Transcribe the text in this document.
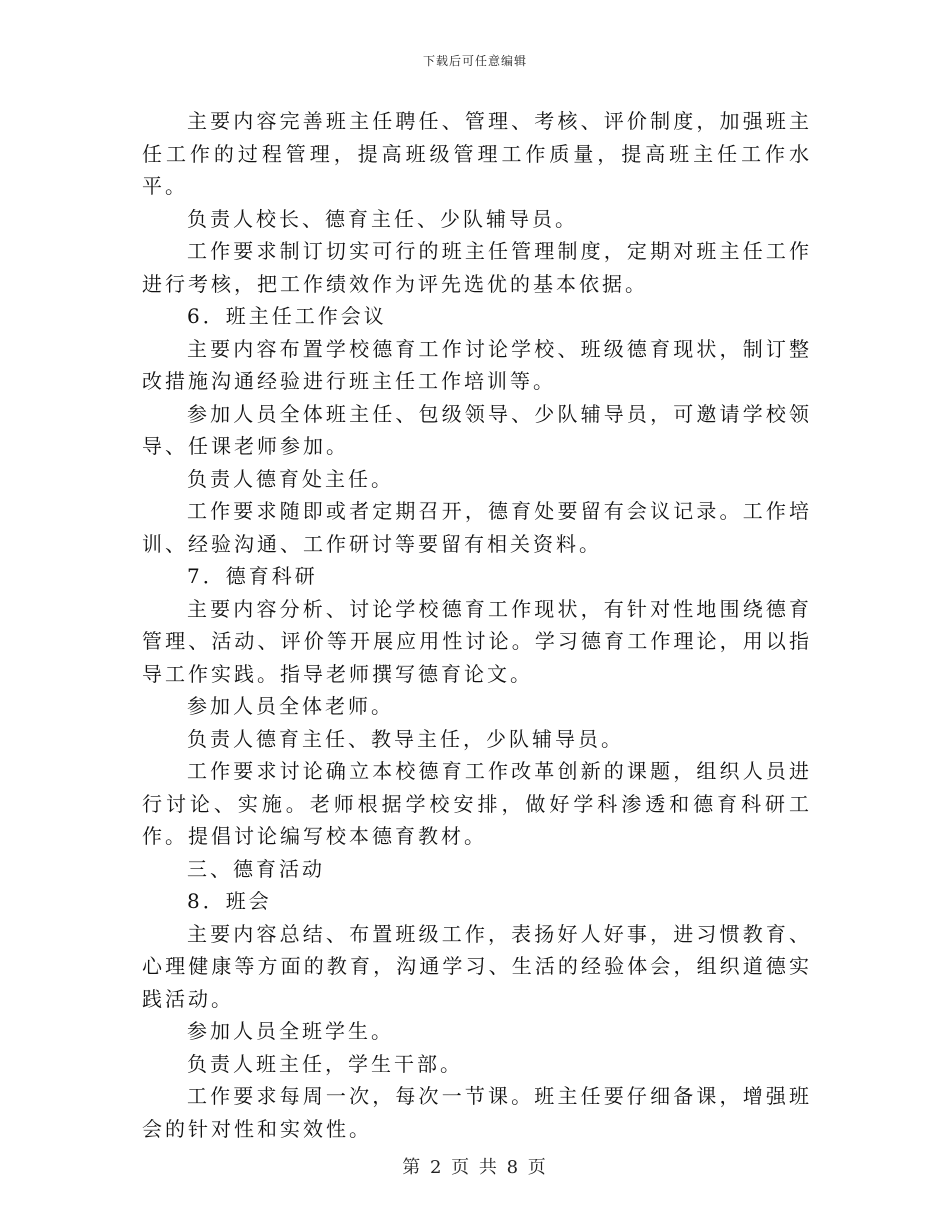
下载后可任意编辑

主要内容完善班主任聘任、管理、考核、评价制度，加强班主任工作的过程管理，提高班级管理工作质量，提高班主任工作水平。

负责人校长、德育主任、少队辅导员。

工作要求制订切实可行的班主任管理制度，定期对班主任工作进行考核，把工作绩效作为评先选优的基本依据。

6．班主任工作会议

主要内容布置学校德育工作讨论学校、班级德育现状，制订整改措施沟通经验进行班主任工作培训等。

参加人员全体班主任、包级领导、少队辅导员，可邀请学校领导、任课老师参加。

负责人德育处主任。

工作要求随即或者定期召开，德育处要留有会议记录。工作培训、经验沟通、工作研讨等要留有相关资料。

7．德育科研

主要内容分析、讨论学校德育工作现状，有针对性地围绕德育管理、活动、评价等开展应用性讨论。学习德育工作理论，用以指导工作实践。指导老师撰写德育论文。

参加人员全体老师。

负责人德育主任、教导主任，少队辅导员。

工作要求讨论确立本校德育工作改革创新的课题，组织人员进行讨论、实施。老师根据学校安排，做好学科渗透和德育科研工作。提倡讨论编写校本德育教材。

三、德育活动

8．班会

主要内容总结、布置班级工作，表扬好人好事，进习惯教育、心理健康等方面的教育，沟通学习、生活的经验体会，组织道德实践活动。

参加人员全班学生。

负责人班主任，学生干部。

工作要求每周一次，每次一节课。班主任要仔细备课，增强班会的针对性和实效性。

第 2 页 共 8 页
